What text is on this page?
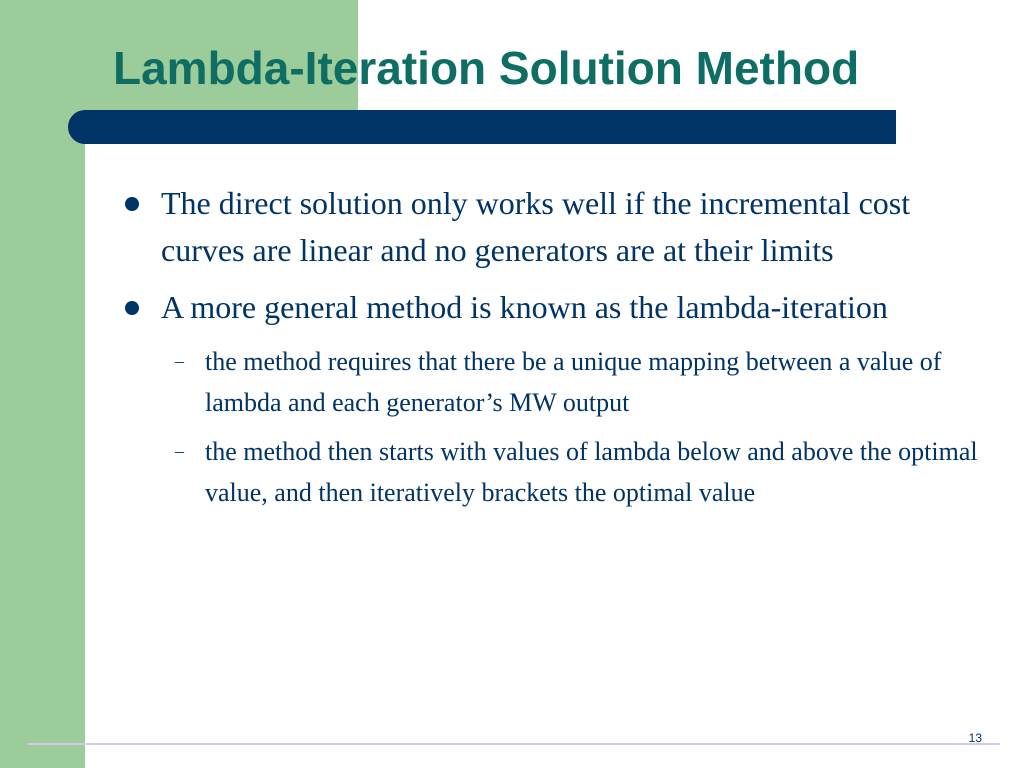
Lambda-Iteration Solution Method
The direct solution only works well if the incremental cost curves are linear and no generators are at their limits
A more general method is known as the lambda-iteration
– the method requires that there be a unique mapping between a value of lambda and each generator’s MW output
– the method then starts with values of lambda below and above the optimal value, and then iteratively brackets the optimal value
13
